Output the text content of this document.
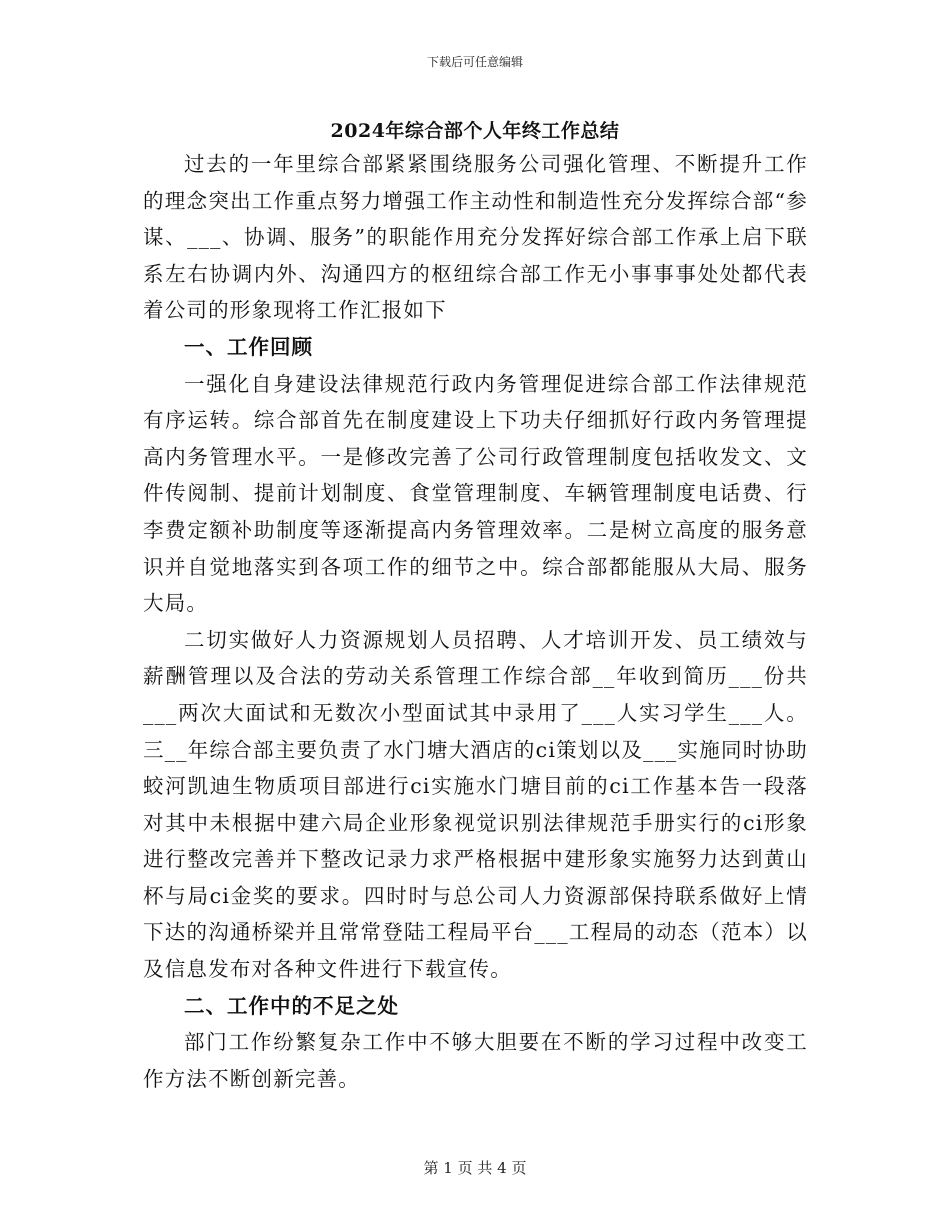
下载后可任意编辑
2024年综合部个人年终工作总结

过去的一年里综合部紧紧围绕服务公司强化管理、不断提升工作的理念突出工作重点努力增强工作主动性和制造性充分发挥综合部“参谋、___、协调、服务”的职能作用充分发挥好综合部工作承上启下联系左右协调内外、沟通四方的枢纽综合部工作无小事事事处处都代表着公司的形象现将工作汇报如下

一、工作回顾

一强化自身建设法律规范行政内务管理促进综合部工作法律规范有序运转。综合部首先在制度建设上下功夫仔细抓好行政内务管理提高内务管理水平。一是修改完善了公司行政管理制度包括收发文、文件传阅制、提前计划制度、食堂管理制度、车辆管理制度电话费、行李费定额补助制度等逐渐提高内务管理效率。二是树立高度的服务意识并自觉地落实到各项工作的细节之中。综合部都能服从大局、服务大局。

二切实做好人力资源规划人员招聘、人才培训开发、员工绩效与薪酬管理以及合法的劳动关系管理工作综合部__年收到简历___份共___两次大面试和无数次小型面试其中录用了___人实习学生___人。三__年综合部主要负责了水门塘大酒店的ci策划以及___实施同时协助蛟河凯迪生物质项目部进行ci实施水门塘目前的ci工作基本告一段落对其中未根据中建六局企业形象视觉识别法律规范手册实行的ci形象进行整改完善并下整改记录力求严格根据中建形象实施努力达到黄山杯与局ci金奖的要求。四时时与总公司人力资源部保持联系做好上情下达的沟通桥梁并且常常登陆工程局平台___工程局的动态（范本）以及信息发布对各种文件进行下载宣传。

二、工作中的不足之处

部门工作纷繁复杂工作中不够大胆要在不断的学习过程中改变工作方法不断创新完善。

第 1 页 共 4 页
